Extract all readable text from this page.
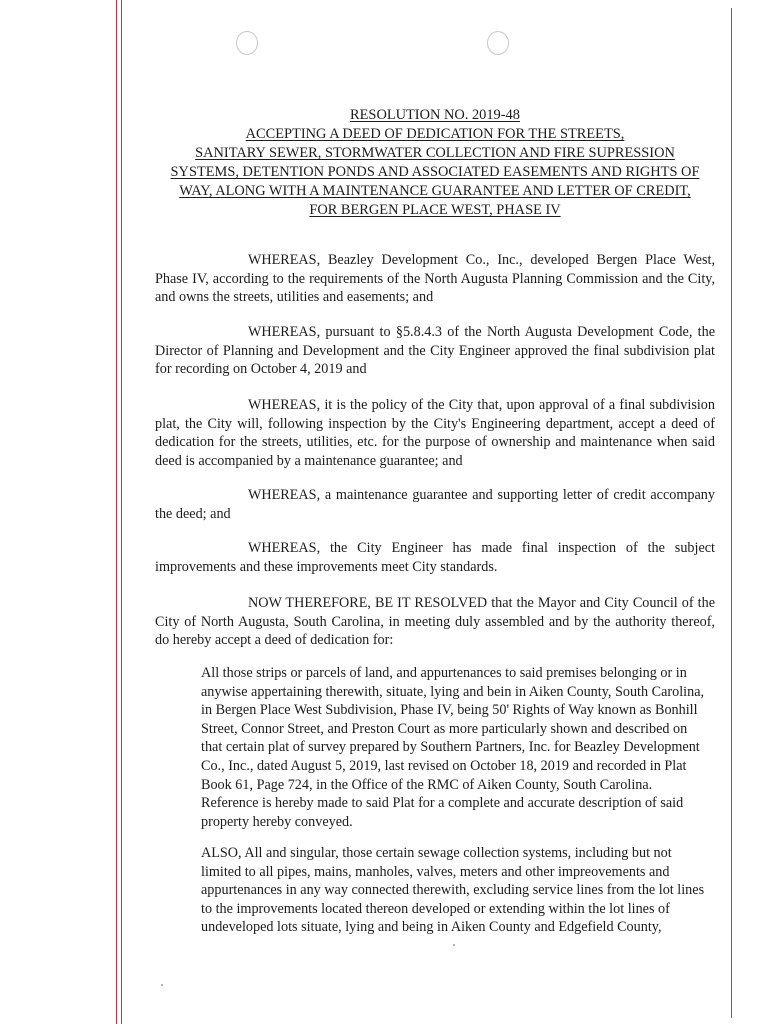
RESOLUTION NO. 2019-48
ACCEPTING A DEED OF DEDICATION FOR THE STREETS,
SANITARY SEWER, STORMWATER COLLECTION AND FIRE SUPRESSION
SYSTEMS, DETENTION PONDS AND ASSOCIATED EASEMENTS AND RIGHTS OF
WAY, ALONG WITH A MAINTENANCE GUARANTEE AND LETTER OF CREDIT,
FOR BERGEN PLACE WEST, PHASE IV

WHEREAS, Beazley Development Co., Inc., developed Bergen Place West, Phase IV, according to the requirements of the North Augusta Planning Commission and the City, and owns the streets, utilities and easements; and

WHEREAS, pursuant to §5.8.4.3 of the North Augusta Development Code, the Director of Planning and Development and the City Engineer approved the final subdivision plat for recording on October 4, 2019 and

WHEREAS, it is the policy of the City that, upon approval of a final subdivision plat, the City will, following inspection by the City's Engineering department, accept a deed of dedication for the streets, utilities, etc. for the purpose of ownership and maintenance when said deed is accompanied by a maintenance guarantee; and

WHEREAS, a maintenance guarantee and supporting letter of credit accompany the deed; and

WHEREAS, the City Engineer has made final inspection of the subject improvements and these improvements meet City standards.

NOW THEREFORE, BE IT RESOLVED that the Mayor and City Council of the City of North Augusta, South Carolina, in meeting duly assembled and by the authority thereof, do hereby accept a deed of dedication for:

All those strips or parcels of land, and appurtenances to said premises belonging or in anywise appertaining therewith, situate, lying and bein in Aiken County, South Carolina, in Bergen Place West Subdivision, Phase IV, being 50' Rights of Way known as Bonhill Street, Connor Street, and Preston Court as more particularly shown and described on that certain plat of survey prepared by Southern Partners, Inc. for Beazley Development Co., Inc., dated August 5, 2019, last revised on October 18, 2019 and recorded in Plat Book 61, Page 724, in the Office of the RMC of Aiken County, South Carolina. Reference is hereby made to said Plat for a complete and accurate description of said property hereby conveyed.

ALSO, All and singular, those certain sewage collection systems, including but not limited to all pipes, mains, manholes, valves, meters and other impreovements and appurtenances in any way connected therewith, excluding service lines from the lot lines to the improvements located thereon developed or extending within the lot lines of undeveloped lots situate, lying and being in Aiken County and Edgefield County,
